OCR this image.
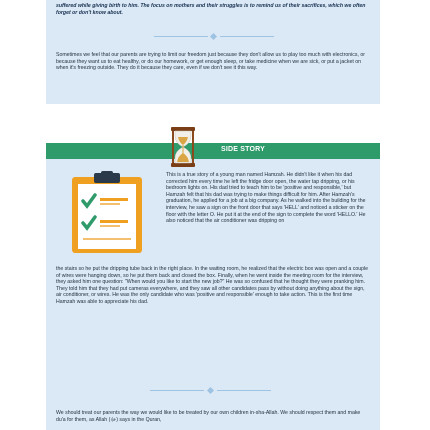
suffered while giving birth to him. The focus on mothers and their struggles is to remind us of their sacrifices, which we often forget or don't know about.

Sometimes we feel that our parents are trying to limit our freedom just because they don't allow us to play too much with electronics, or because they want us to eat healthy, or do our homework, or get enough sleep, or take medicine when we are sick, or put a jacket on when it's freezing outside. They do it because they care, even if we don't see it this way.

SIDE STORY

This is a true story of a young man named Hamzah. He didn't like it when his dad corrected him every time he left the fridge door open, the water tap dripping, or his bedroom lights on. His dad tried to teach him to be 'positive and responsible,' but Hamzah felt that his dad was trying to make things difficult for him. After Hamzah's graduation, he applied for a job at a big company. As he walked into the building for the interview, he saw a sign on the front door that says 'HELL' and noticed a sticker on the floor with the letter O. He put it at the end of the sign to complete the word 'HELLO.' He also noticed that the air conditioner was dripping on

the stairs so he put the dripping tube back in the right place. In the waiting room, he realized that the electric box was open and a couple of wires were hanging down, so he put them back and closed the box. Finally, when he went inside the meeting room for the interview, they asked him one question: "When would you like to start the new job?" He was so confused that he thought they were pranking him. They told him that they had put cameras everywhere, and they saw all other candidates pass by without doing anything about the sign, air conditioner, or wires. He was the only candidate who was 'positive and responsible' enough to take action. This is the first time Hamzah was able to appreciate his dad.

We should treat our parents the way we would like to be treated by our own children in-sha-Allah. We should respect them and make du'a for them, as Allah (ﷻ) says in the Quran,
